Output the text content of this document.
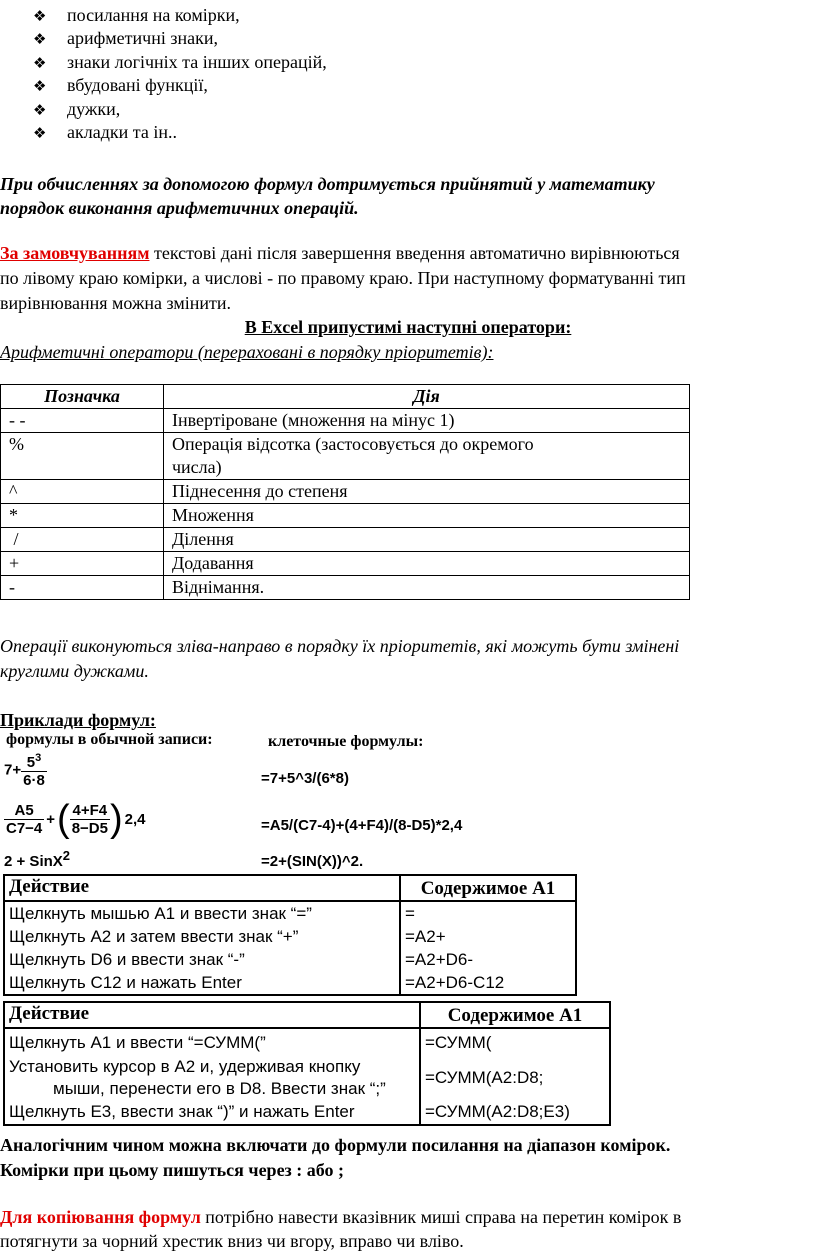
❖ посилання на комірки,
❖ арифметичні знаки,
❖ знаки логічніх та інших операцій,
❖ вбудовані функції,
❖ дужки,
❖ акладки та ін..
При обчисленнях за допомогою формул дотримується прийнятий у математику
порядок виконання арифметичних операцій.
За замовчуванням текстові дані після завершення введення автоматично вирівнюються
по лівому краю комірки, а числові - по правому краю. При наступному форматуванні тип
вирівнювання можна змінити.
В Excel припустимі наступні оператори:
Арифметичні оператори (перераховані в порядку пріоритетів):
Позначка	Дія
- -	Інвертіроване (множення на мінус 1)
%	Операція відсотка (застосовується до окремого числа)
^	Піднесення до степеня
*	Множення
/	Ділення
+	Додавання
-	Віднімання.
Операції виконуються зліва-направо в порядку їх пріоритетів, які можуть бути змінені
круглими дужками.
Приклади формул:
формулы в обычной записи:	клеточные формулы:
$7+ \frac{5^3}{6\cdot 8}$	=7+5^3/(6*8)
$\frac{A5}{C7-4}$ + ( $\frac{4+F4}{8-D5}$ ) 2,4	=A5/(C7-4)+(4+F4)/(8-D5)*2,4
2 + SinX$^2$	=2+(SIN(X))^2.
Действие	Содержимое A1
Щелкнуть мышью A1 и ввести знак “=”	=
Щелкнуть A2 и затем ввести знак “+”	=A2+
Щелкнуть D6 и ввести знак “-”	=A2+D6-
Щелкнуть C12 и нажать Enter	=A2+D6-C12
Действие	Содержимое A1
Щелкнуть A1 и ввести “=СУММ(”	=СУММ(
Установить курсор в A2 и, удерживая кнопку
мыши, перенести его в D8. Ввести знак “;”	=СУММ(A2:D8;
Щелкнуть E3, ввести знак “)” и нажать Enter	=СУММ(A2:D8;E3)
Аналогічним чином можна включати до формули посилання на діапазон комірок.
Комірки при цьому пишуться через : або ;
Для копіювання формул потрібно навести вказівник миші справа на перетин комірок в
потягнути за чорний хрестик вниз чи вгору, вправо чи вліво.
